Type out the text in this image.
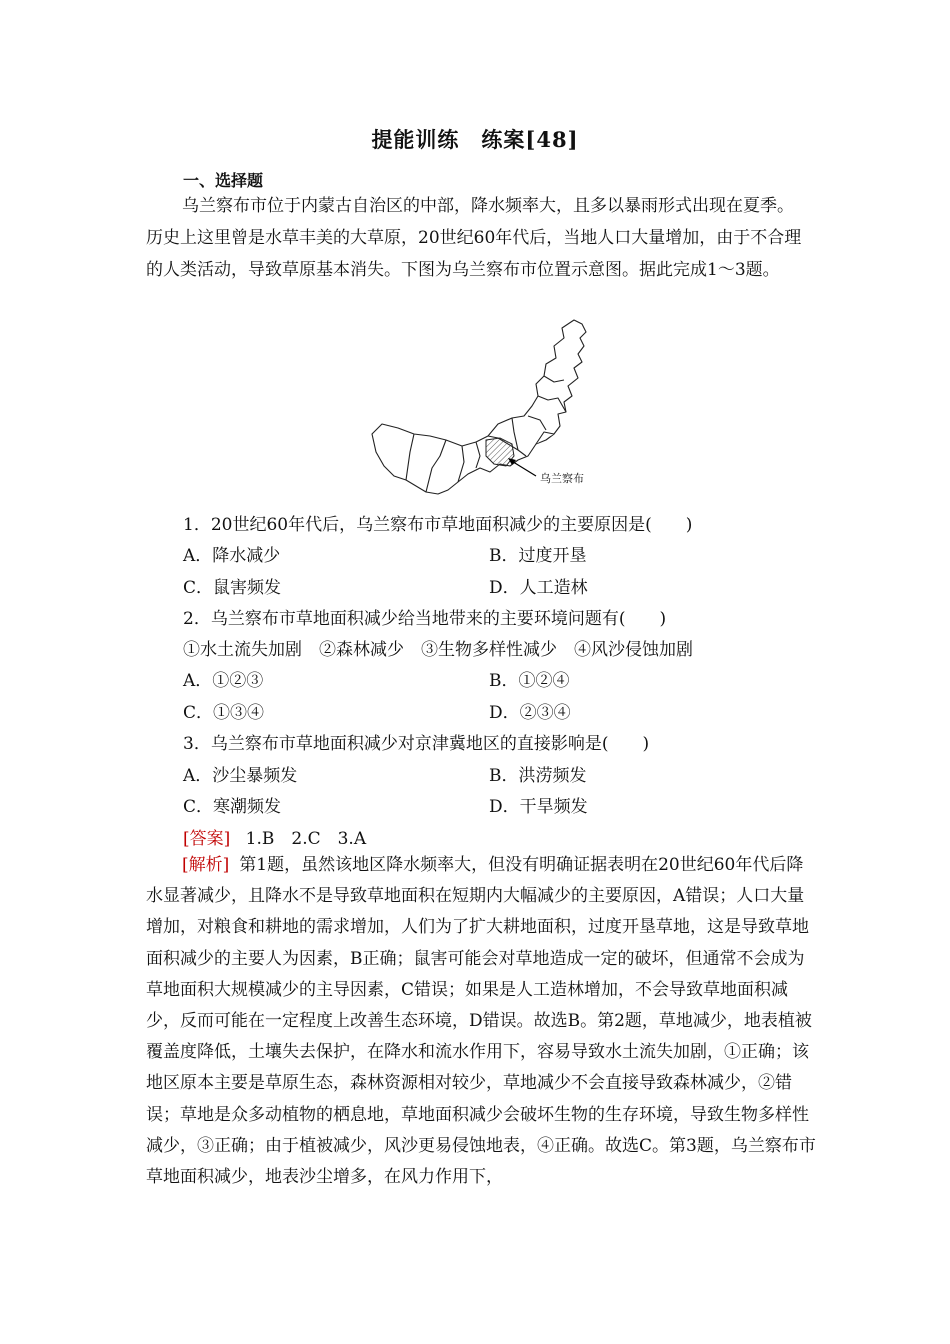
提能训练　练案[48]
一、选择题
乌兰察布市位于内蒙古自治区的中部，降水频率大，且多以暴雨形式出现在夏季。历史上这里曾是水草丰美的大草原，20世纪60年代后，当地人口大量增加，由于不合理的人类活动，导致草原基本消失。下图为乌兰察布市位置示意图。据此完成1～3题。
乌兰察布
1．20世纪60年代后，乌兰察布市草地面积减少的主要原因是(　　)
A．降水减少	B．过度开垦
C．鼠害频发	D．人工造林
2．乌兰察布市草地面积减少给当地带来的主要环境问题有(　　)
①水土流失加剧　②森林减少　③生物多样性减少　④风沙侵蚀加剧
A．①②③	B．①②④
C．①③④	D．②③④
3．乌兰察布市草地面积减少对京津冀地区的直接影响是(　　)
A．沙尘暴频发	B．洪涝频发
C．寒潮频发	D．干旱频发
[答案] 1.B　2.C　3.A
[解析] 第1题，虽然该地区降水频率大，但没有明确证据表明在20世纪60年代后降水显著减少，且降水不是导致草地面积在短期内大幅减少的主要原因，A错误；人口大量增加，对粮食和耕地的需求增加，人们为了扩大耕地面积，过度开垦草地，这是导致草地面积减少的主要人为因素，B正确；鼠害可能会对草地造成一定的破坏，但通常不会成为草地面积大规模减少的主导因素，C错误；如果是人工造林增加，不会导致草地面积减少，反而可能在一定程度上改善生态环境，D错误。故选B。第2题，草地减少，地表植被覆盖度降低，土壤失去保护，在降水和流水作用下，容易导致水土流失加剧，①正确；该地区原本主要是草原生态，森林资源相对较少，草地减少不会直接导致森林减少，②错误；草地是众多动植物的栖息地，草地面积减少会破坏生物的生存环境，导致生物多样性减少，③正确；由于植被减少，风沙更易侵蚀地表，④正确。故选C。第3题，乌兰察布市草地面积减少，地表沙尘增多，在风力作用下，
